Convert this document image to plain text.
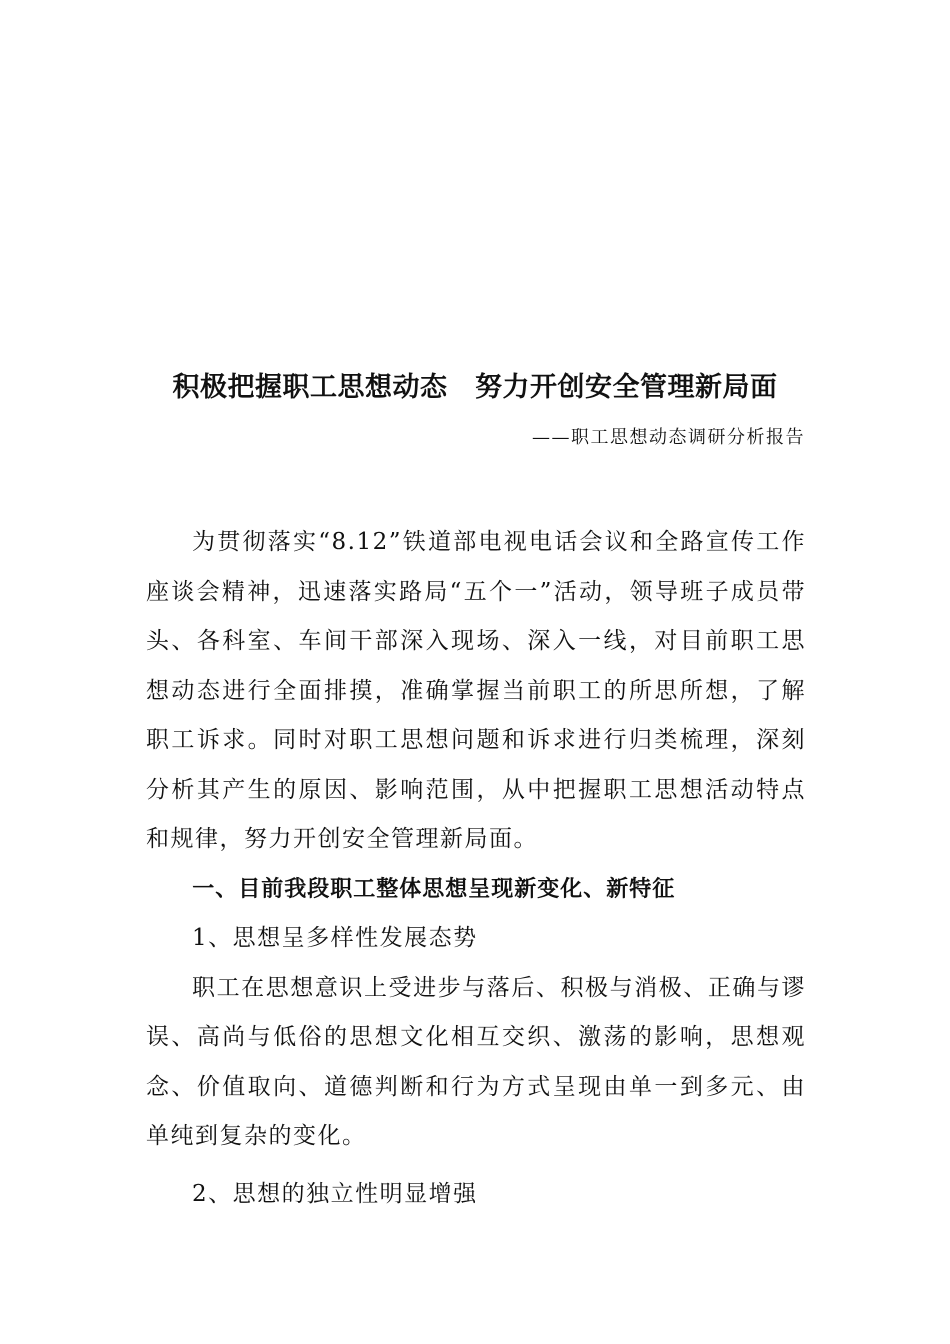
积极把握职工思想动态　努力开创安全管理新局面
——职工思想动态调研分析报告

为贯彻落实“8.12”铁道部电视电话会议和全路宣传工作座谈会精神，迅速落实路局“五个一”活动，领导班子成员带头、各科室、车间干部深入现场、深入一线，对目前职工思想动态进行全面排摸，准确掌握当前职工的所思所想，了解职工诉求。同时对职工思想问题和诉求进行归类梳理，深刻分析其产生的原因、影响范围，从中把握职工思想活动特点和规律，努力开创安全管理新局面。

一、目前我段职工整体思想呈现新变化、新特征
1、思想呈多样性发展态势

职工在思想意识上受进步与落后、积极与消极、正确与谬误、高尚与低俗的思想文化相互交织、激荡的影响，思想观念、价值取向、道德判断和行为方式呈现由单一到多元、由单纯到复杂的变化。

2、思想的独立性明显增强
